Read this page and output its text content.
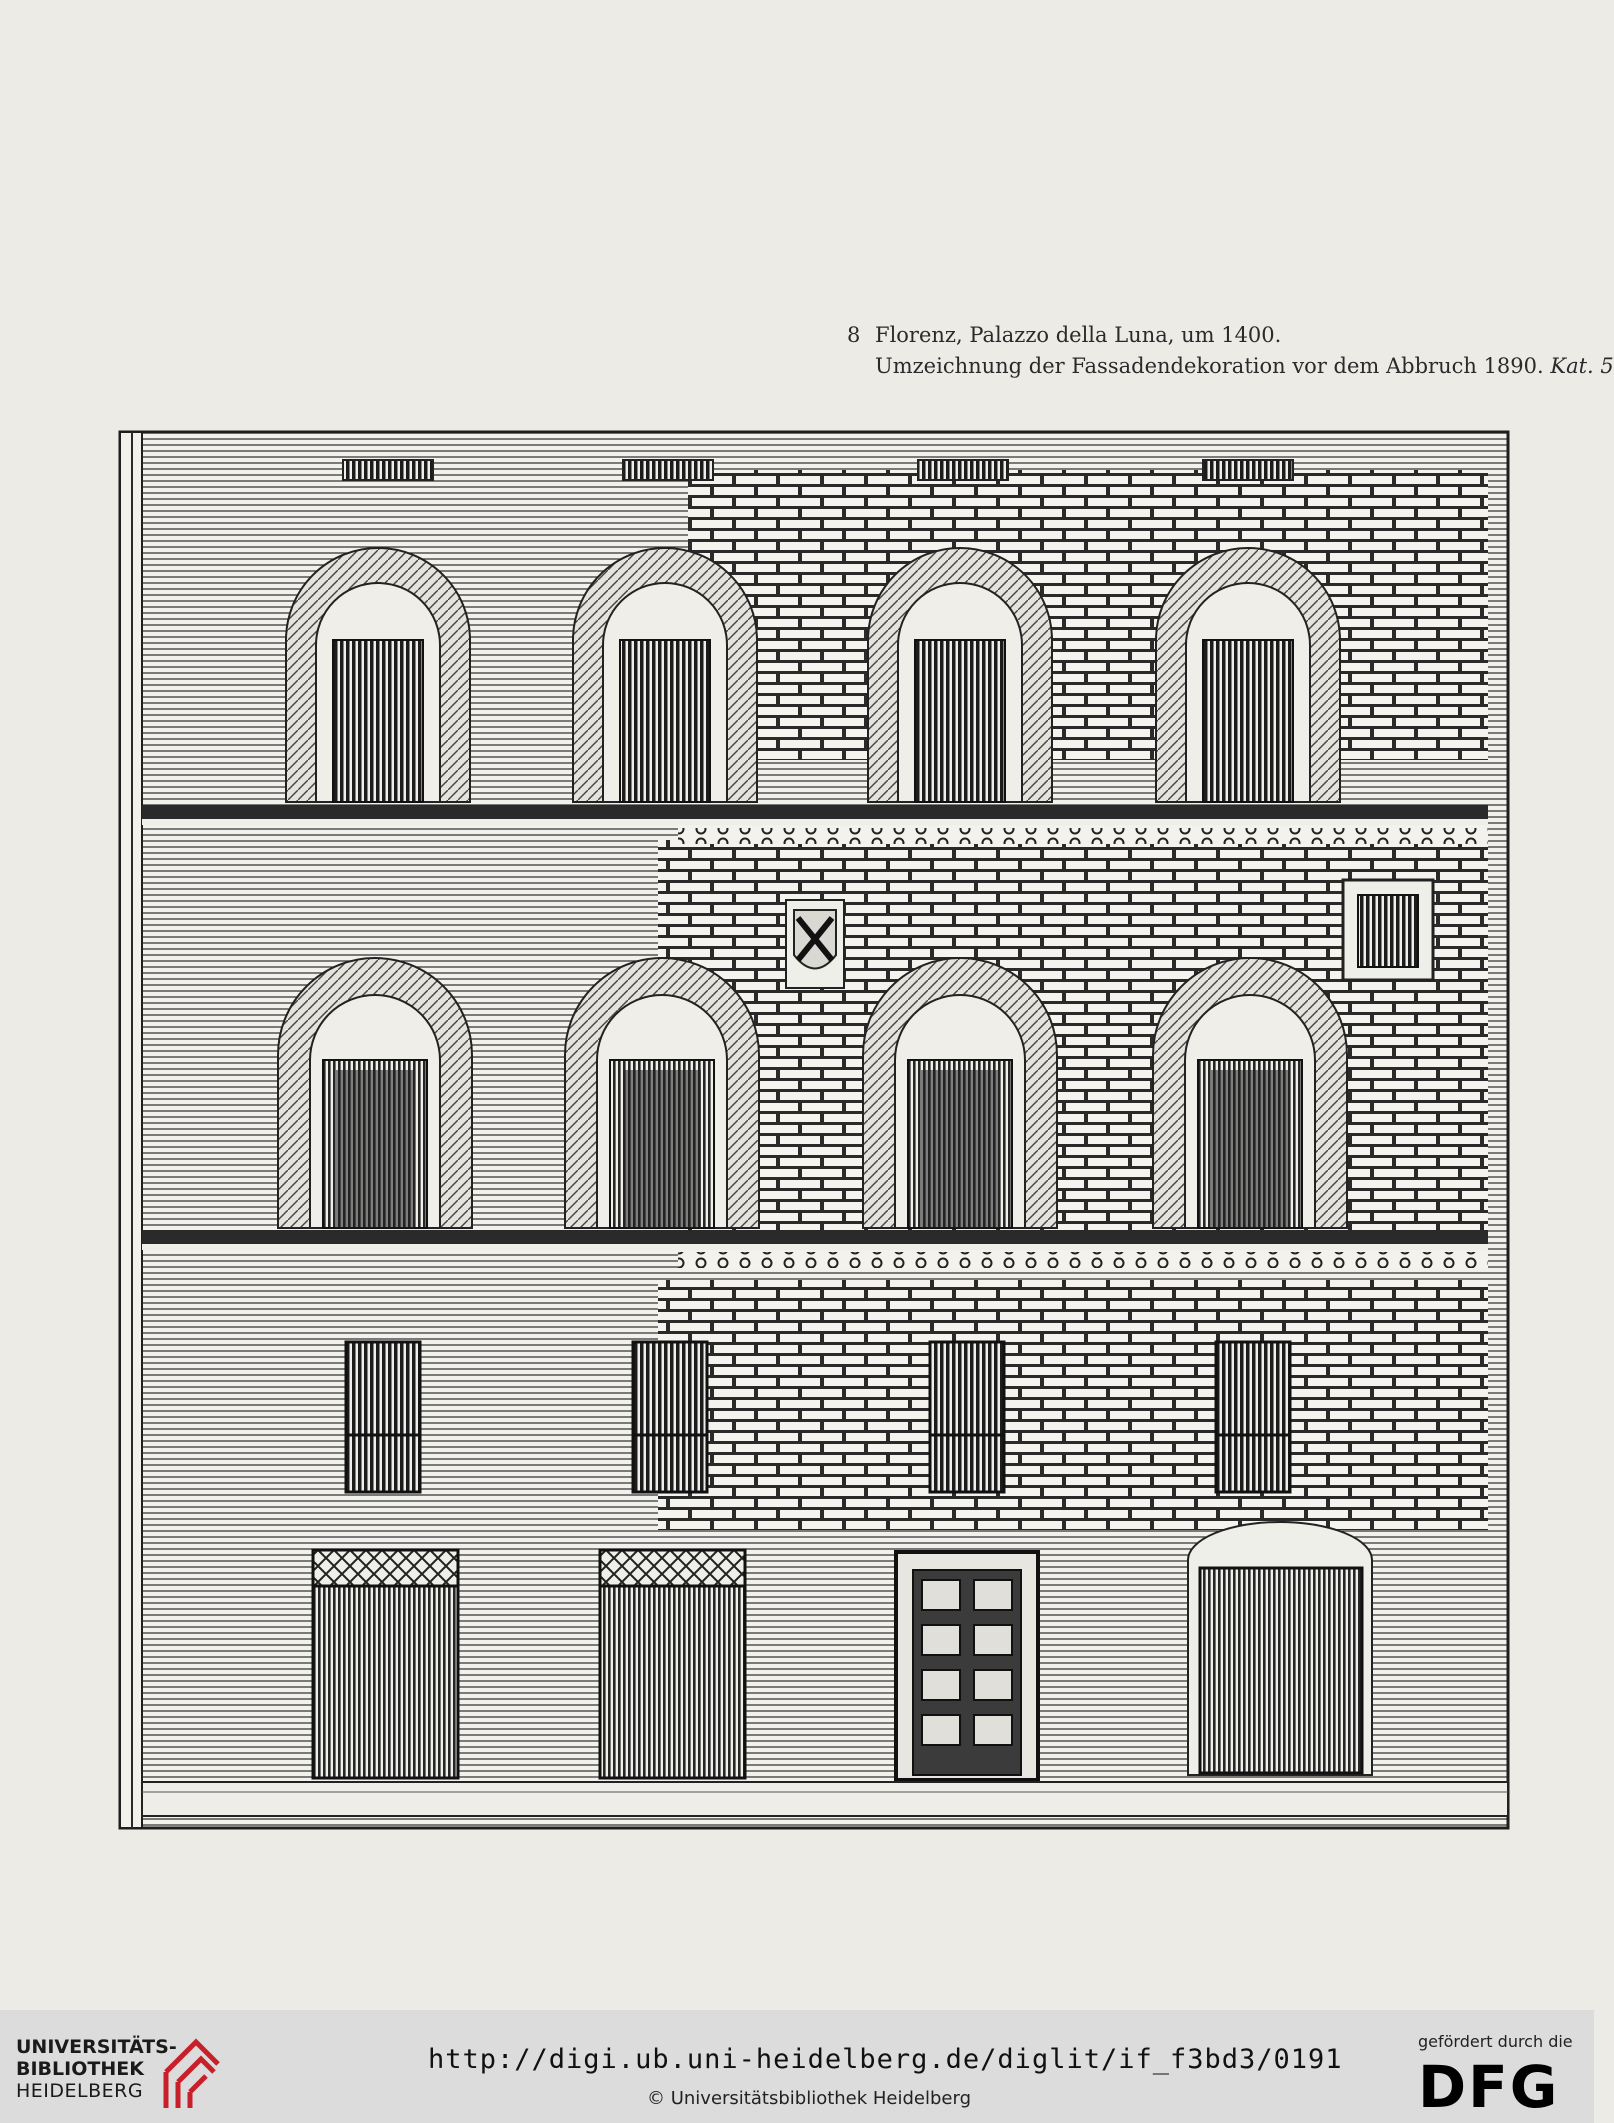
8 Florenz, Palazzo della Luna, um 1400.
Umzeichnung der Fassadendekoration vor dem Abbruch 1890. Kat. 5
UNIVERSITÄTS-
BIBLIOTHEK
HEIDELBERG
http://digi.ub.uni-heidelberg.de/diglit/if_f3bd3/0191
© Universitätsbibliothek Heidelberg
gefördert durch die
DFG
